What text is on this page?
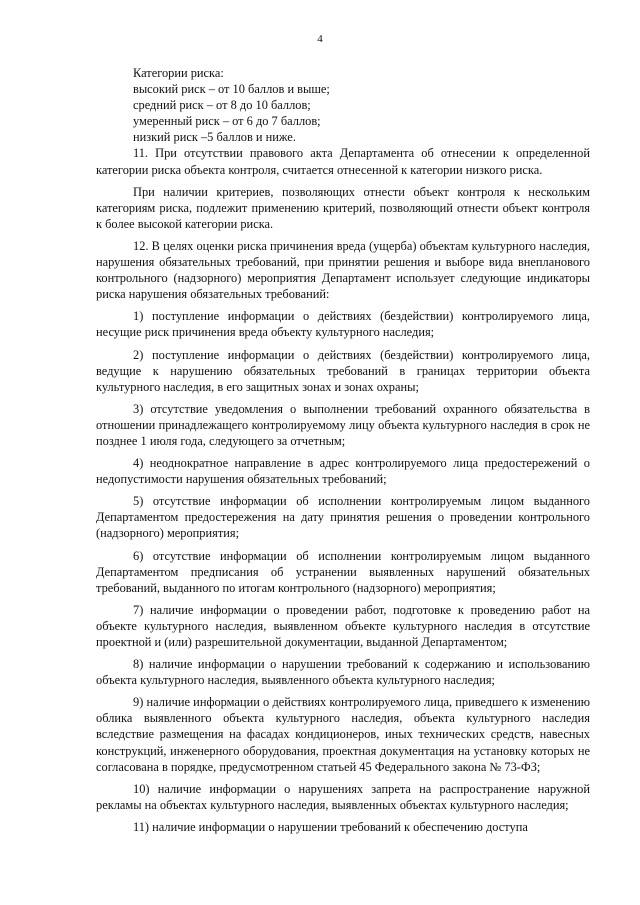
4

Категории риска:

высокий риск – от 10 баллов и выше;

средний риск – от 8 до 10 баллов;

умеренный риск – от 6 до 7 баллов;

низкий риск –5 баллов и ниже.

11. При отсутствии правового акта Департамента об отнесении к определенной категории риска объекта контроля, считается отнесенной к категории низкого риска.

При наличии критериев, позволяющих отнести объект контроля к нескольким категориям риска, подлежит применению критерий, позволяющий отнести объект контроля к более высокой категории риска.

12. В целях оценки риска причинения вреда (ущерба) объектам культурного наследия, нарушения обязательных требований, при принятии решения и выборе вида внепланового контрольного (надзорного) мероприятия Департамент использует следующие индикаторы риска нарушения обязательных требований:

1) поступление информации о действиях (бездействии) контролируемого лица, несущие риск причинения вреда объекту культурного наследия;

2) поступление информации о действиях (бездействии) контролируемого лица, ведущие к нарушению обязательных требований в границах территории объекта культурного наследия, в его защитных зонах и зонах охраны;

3) отсутствие уведомления о выполнении требований охранного обязательства в отношении принадлежащего контролируемому лицу объекта культурного наследия в срок не позднее 1 июля года, следующего за отчетным;

4) неоднократное направление в адрес контролируемого лица предостережений о недопустимости нарушения обязательных требований;

5) отсутствие информации об исполнении контролируемым лицом выданного Департаментом предостережения на дату принятия решения о проведении контрольного (надзорного) мероприятия;

6) отсутствие информации об исполнении контролируемым лицом выданного Департаментом предписания об устранении выявленных нарушений обязательных требований, выданного по итогам контрольного (надзорного) мероприятия;

7) наличие информации о проведении работ, подготовке к проведению работ на объекте культурного наследия, выявленном объекте культурного наследия в отсутствие проектной и (или) разрешительной документации, выданной Департаментом;

8) наличие информации о нарушении требований к содержанию и использованию объекта культурного наследия, выявленного объекта культурного наследия;

9) наличие информации о действиях контролируемого лица, приведшего к изменению облика выявленного объекта культурного наследия, объекта культурного наследия вследствие размещения на фасадах кондиционеров, иных технических средств, навесных конструкций, инженерного оборудования, проектная документация на установку которых не согласована в порядке, предусмотренном статьей 45 Федерального закона № 73-ФЗ;

10) наличие информации о нарушениях запрета на распространение наружной рекламы на объектах культурного наследия, выявленных объектах культурного наследия;

11) наличие информации о нарушении требований к обеспечению доступа
